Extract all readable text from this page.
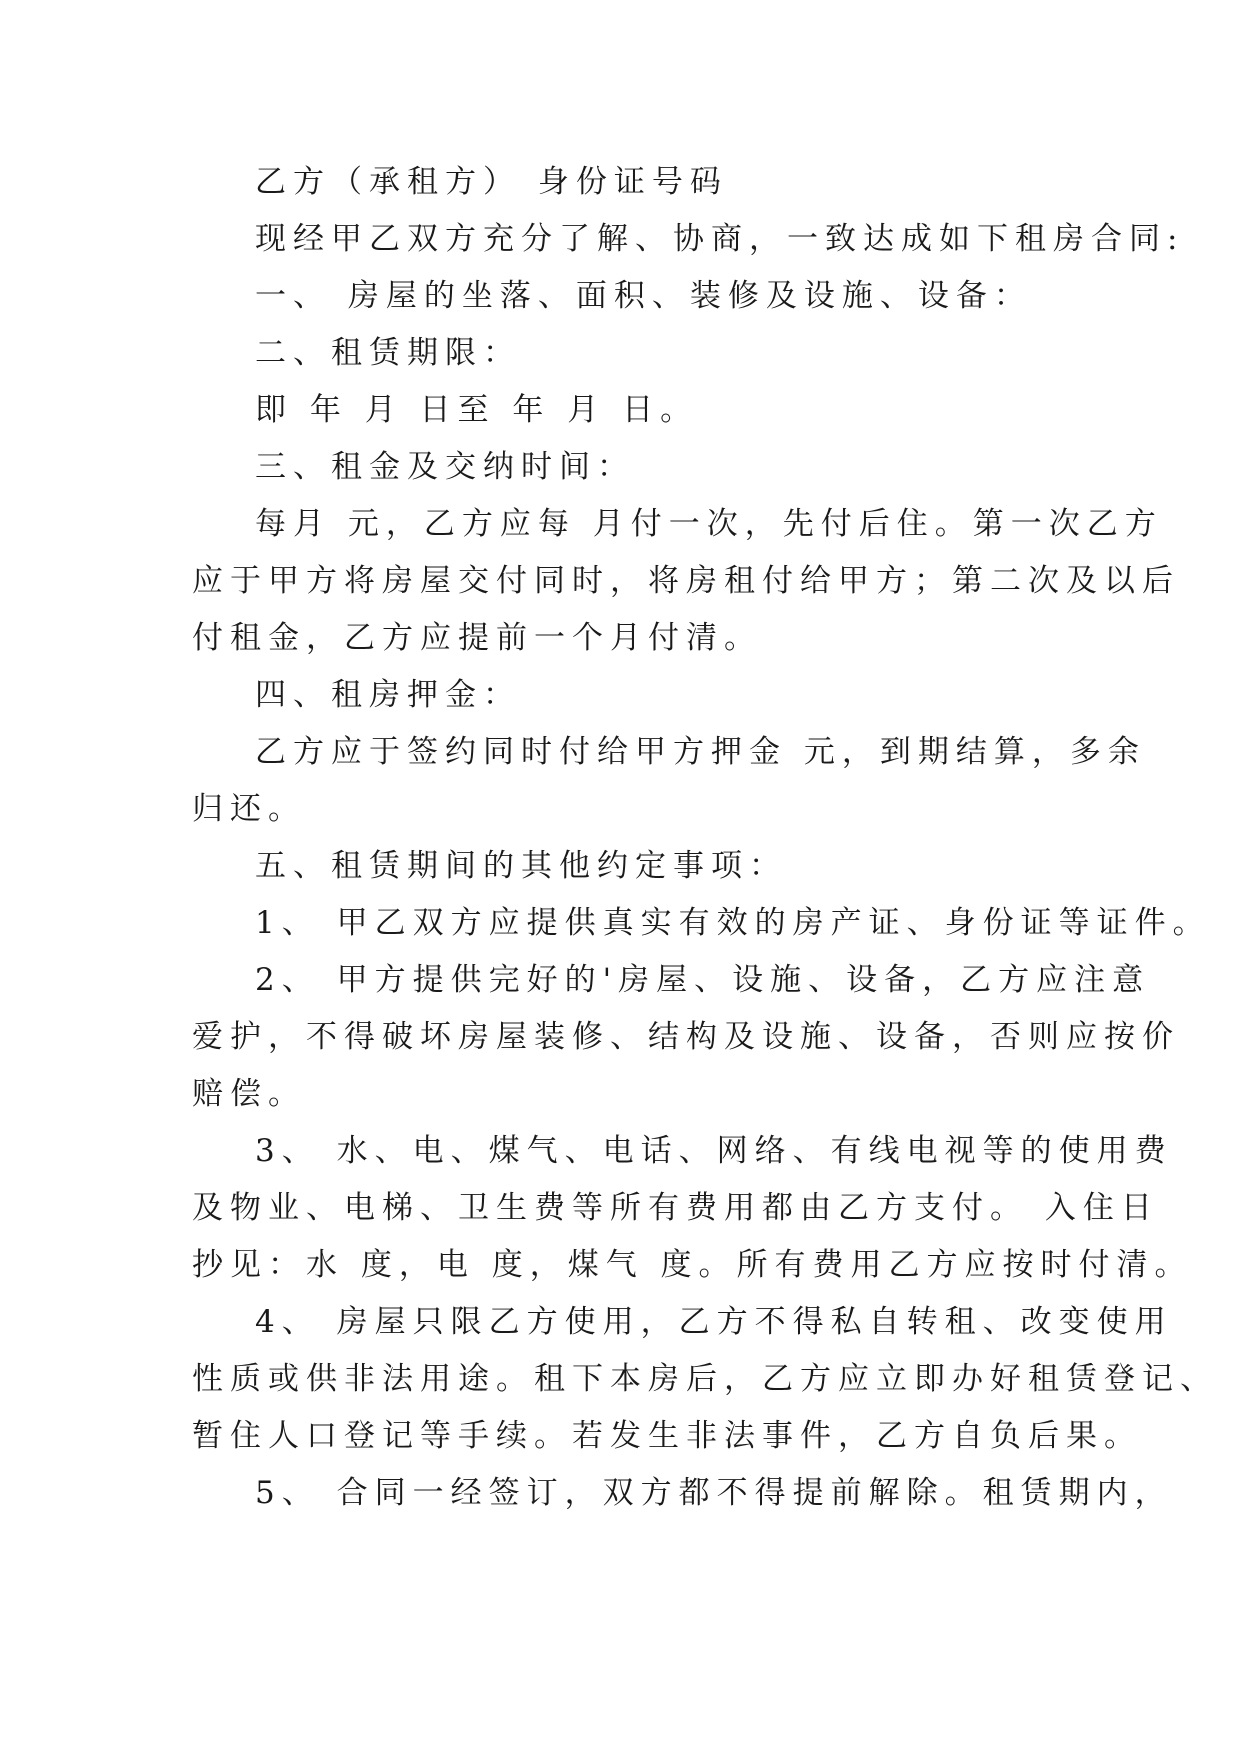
乙方（承租方） 身份证号码
现经甲乙双方充分了解、协商，一致达成如下租房合同:
一、 房屋的坐落、面积、装修及设施、设备：
二、租赁期限：
即 年 月 日至 年 月 日。
三、租金及交纳时间：
每月 元，乙方应每 月付一次，先付后住。第一次乙方
应于甲方将房屋交付同时，将房租付给甲方；第二次及以后
付租金，乙方应提前一个月付清。
四、租房押金：
乙方应于签约同时付给甲方押金 元，到期结算，多余
归还。
五、租赁期间的其他约定事项：
1、 甲乙双方应提供真实有效的房产证、身份证等证件。
2、 甲方提供完好的'房屋、设施、设备，乙方应注意
爱护，不得破坏房屋装修、结构及设施、设备，否则应按价
赔偿。
3、 水、电、煤气、电话、网络、有线电视等的使用费
及物业、电梯、卫生费等所有费用都由乙方支付。 入住日
抄见：水 度，电 度，煤气 度。所有费用乙方应按时付清。
4、 房屋只限乙方使用，乙方不得私自转租、改变使用
性质或供非法用途。租下本房后，乙方应立即办好租赁登记、
暂住人口登记等手续。若发生非法事件，乙方自负后果。
5、 合同一经签订，双方都不得提前解除。租赁期内，
